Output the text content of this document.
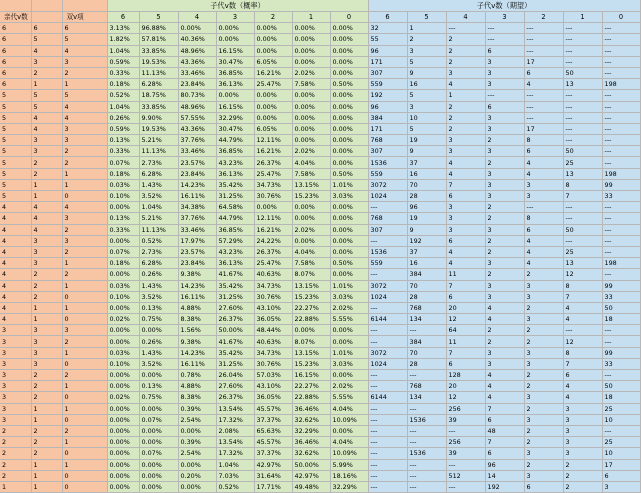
			子代v数（概率）							子代v数（期望）						
亲代v数		双v项	6	5	4	3	2	1	0	6	5	4	3	2	1	0
6	6	6	3.13%	96.88%	0.00%	0.00%	0.00%	0.00%	0.00%	32	1	---	---	---	---	---
6	5	5	1.82%	57.81%	40.36%	0.00%	0.00%	0.00%	0.00%	55	2	2	---	---	---	---
6	4	4	1.04%	33.85%	48.96%	16.15%	0.00%	0.00%	0.00%	96	3	2	6	---	---	---
6	3	3	0.59%	19.53%	43.36%	30.47%	6.05%	0.00%	0.00%	171	5	2	3	17	---	---
6	2	2	0.33%	11.13%	33.46%	36.85%	16.21%	2.02%	0.00%	307	9	3	3	6	50	---
6	1	1	0.18%	6.28%	23.84%	36.13%	25.47%	7.58%	0.50%	559	16	4	3	4	13	198
5	5	5	0.52%	18.75%	80.73%	0.00%	0.00%	0.00%	0.00%	192	5	1	---	---	---	---
5	5	4	1.04%	33.85%	48.96%	16.15%	0.00%	0.00%	0.00%	96	3	2	6	---	---	---
5	4	4	0.26%	9.90%	57.55%	32.29%	0.00%	0.00%	0.00%	384	10	2	3	---	---	---
5	4	3	0.59%	19.53%	43.36%	30.47%	6.05%	0.00%	0.00%	171	5	2	3	17	---	---
5	3	3	0.13%	5.21%	37.76%	44.79%	12.11%	0.00%	0.00%	768	19	3	2	8	---	---
5	3	2	0.33%	11.13%	33.46%	36.85%	16.21%	2.02%	0.00%	307	9	3	3	6	50	---
5	2	2	0.07%	2.73%	23.57%	43.23%	26.37%	4.04%	0.00%	1536	37	4	2	4	25	---
5	2	1	0.18%	6.28%	23.84%	36.13%	25.47%	7.58%	0.50%	559	16	4	3	4	13	198
5	1	1	0.03%	1.43%	14.23%	35.42%	34.73%	13.15%	1.01%	3072	70	7	3	3	8	99
5	1	0	0.10%	3.52%	16.11%	31.25%	30.76%	15.23%	3.03%	1024	28	6	3	3	7	33
4	4	4	0.00%	1.04%	34.38%	64.58%	0.00%	0.00%	0.00%	---	96	3	2	---	---	---
4	4	3	0.13%	5.21%	37.76%	44.79%	12.11%	0.00%	0.00%	768	19	3	2	8	---	---
4	4	2	0.33%	11.13%	33.46%	36.85%	16.21%	2.02%	0.00%	307	9	3	3	6	50	---
4	3	3	0.00%	0.52%	17.97%	57.29%	24.22%	0.00%	0.00%	---	192	6	2	4	---	---
4	3	2	0.07%	2.73%	23.57%	43.23%	26.37%	4.04%	0.00%	1536	37	4	2	4	25	---
4	3	1	0.18%	6.28%	23.84%	36.13%	25.47%	7.58%	0.50%	559	16	4	3	4	13	198
4	2	2	0.00%	0.26%	9.38%	41.67%	40.63%	8.07%	0.00%	---	384	11	2	2	12	---
4	2	1	0.03%	1.43%	14.23%	35.42%	34.73%	13.15%	1.01%	3072	70	7	3	3	8	99
4	2	0	0.10%	3.52%	16.11%	31.25%	30.76%	15.23%	3.03%	1024	28	6	3	3	7	33
4	1	1	0.00%	0.13%	4.88%	27.60%	43.10%	22.27%	2.02%	---	768	20	4	2	4	50
4	1	0	0.02%	0.75%	8.38%	26.37%	36.05%	22.88%	5.55%	6144	134	12	4	3	4	18
3	3	3	0.00%	0.00%	1.56%	50.00%	48.44%	0.00%	0.00%	---	---	64	2	2	---	---
3	3	2	0.00%	0.26%	9.38%	41.67%	40.63%	8.07%	0.00%	---	384	11	2	2	12	---
3	3	1	0.03%	1.43%	14.23%	35.42%	34.73%	13.15%	1.01%	3072	70	7	3	3	8	99
3	3	0	0.10%	3.52%	16.11%	31.25%	30.76%	15.23%	3.03%	1024	28	6	3	3	7	33
3	2	2	0.00%	0.00%	0.78%	26.04%	57.03%	16.15%	0.00%	---	---	128	4	2	6	---
3	2	1	0.00%	0.13%	4.88%	27.60%	43.10%	22.27%	2.02%	---	768	20	4	2	4	50
3	2	0	0.02%	0.75%	8.38%	26.37%	36.05%	22.88%	5.55%	6144	134	12	4	3	4	18
3	1	1	0.00%	0.00%	0.39%	13.54%	45.57%	36.46%	4.04%	---	---	256	7	2	3	25
3	1	0	0.00%	0.07%	2.54%	17.32%	37.37%	32.62%	10.09%	---	1536	39	6	3	3	10
2	2	2	0.00%	0.00%	0.00%	2.08%	65.63%	32.29%	0.00%	---	---	---	48	2	3	---
2	2	1	0.00%	0.00%	0.39%	13.54%	45.57%	36.46%	4.04%	---	---	256	7	2	3	25
2	2	0	0.00%	0.07%	2.54%	17.32%	37.37%	32.62%	10.09%	---	1536	39	6	3	3	10
2	1	1	0.00%	0.00%	0.00%	1.04%	42.97%	50.00%	5.99%	---	---	---	96	2	2	17
2	1	0	0.00%	0.00%	0.20%	7.03%	31.64%	42.97%	18.16%	---	---	512	14	3	2	6
1	1	0	0.00%	0.00%	0.00%	0.52%	17.71%	49.48%	32.29%	---	---	---	192	6	2	3
